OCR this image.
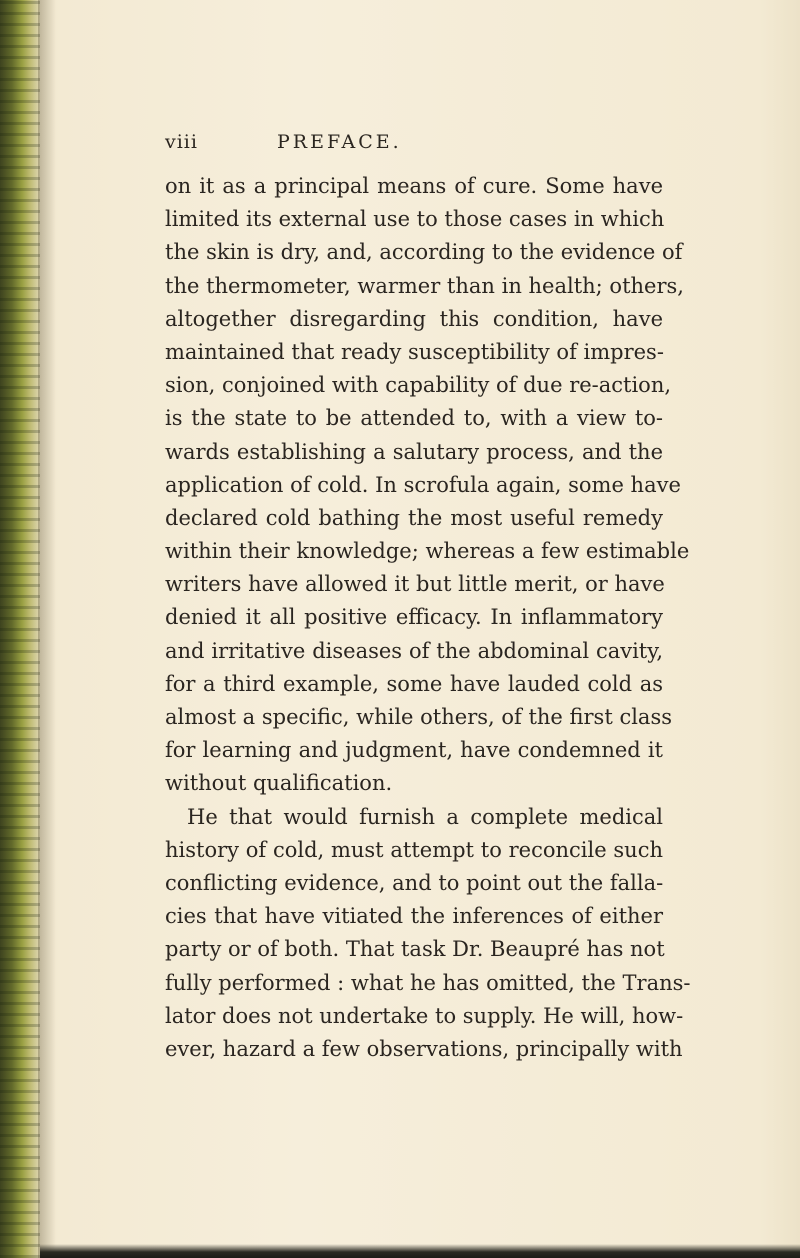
viii	PREFACE.
on it as a principal means of cure. Some have
limited its external use to those cases in which
the skin is dry, and, according to the evidence of
the thermometer, warmer than in health; others,
altogether disregarding this condition, have
maintained that ready susceptibility of impres-
sion, conjoined with capability of due re-action,
is the state to be attended to, with a view to-
wards establishing a salutary process, and the
application of cold. In scrofula again, some have
declared cold bathing the most useful remedy
within their knowledge; whereas a few estimable
writers have allowed it but little merit, or have
denied it all positive efficacy. In inflammatory
and irritative diseases of the abdominal cavity,
for a third example, some have lauded cold as
almost a specific, while others, of the first class
for learning and judgment, have condemned it
without qualification.
He that would furnish a complete medical
history of cold, must attempt to reconcile such
conflicting evidence, and to point out the falla-
cies that have vitiated the inferences of either
party or of both. That task Dr. Beaupré has not
fully performed : what he has omitted, the Trans-
lator does not undertake to supply. He will, how-
ever, hazard a few observations, principally with
